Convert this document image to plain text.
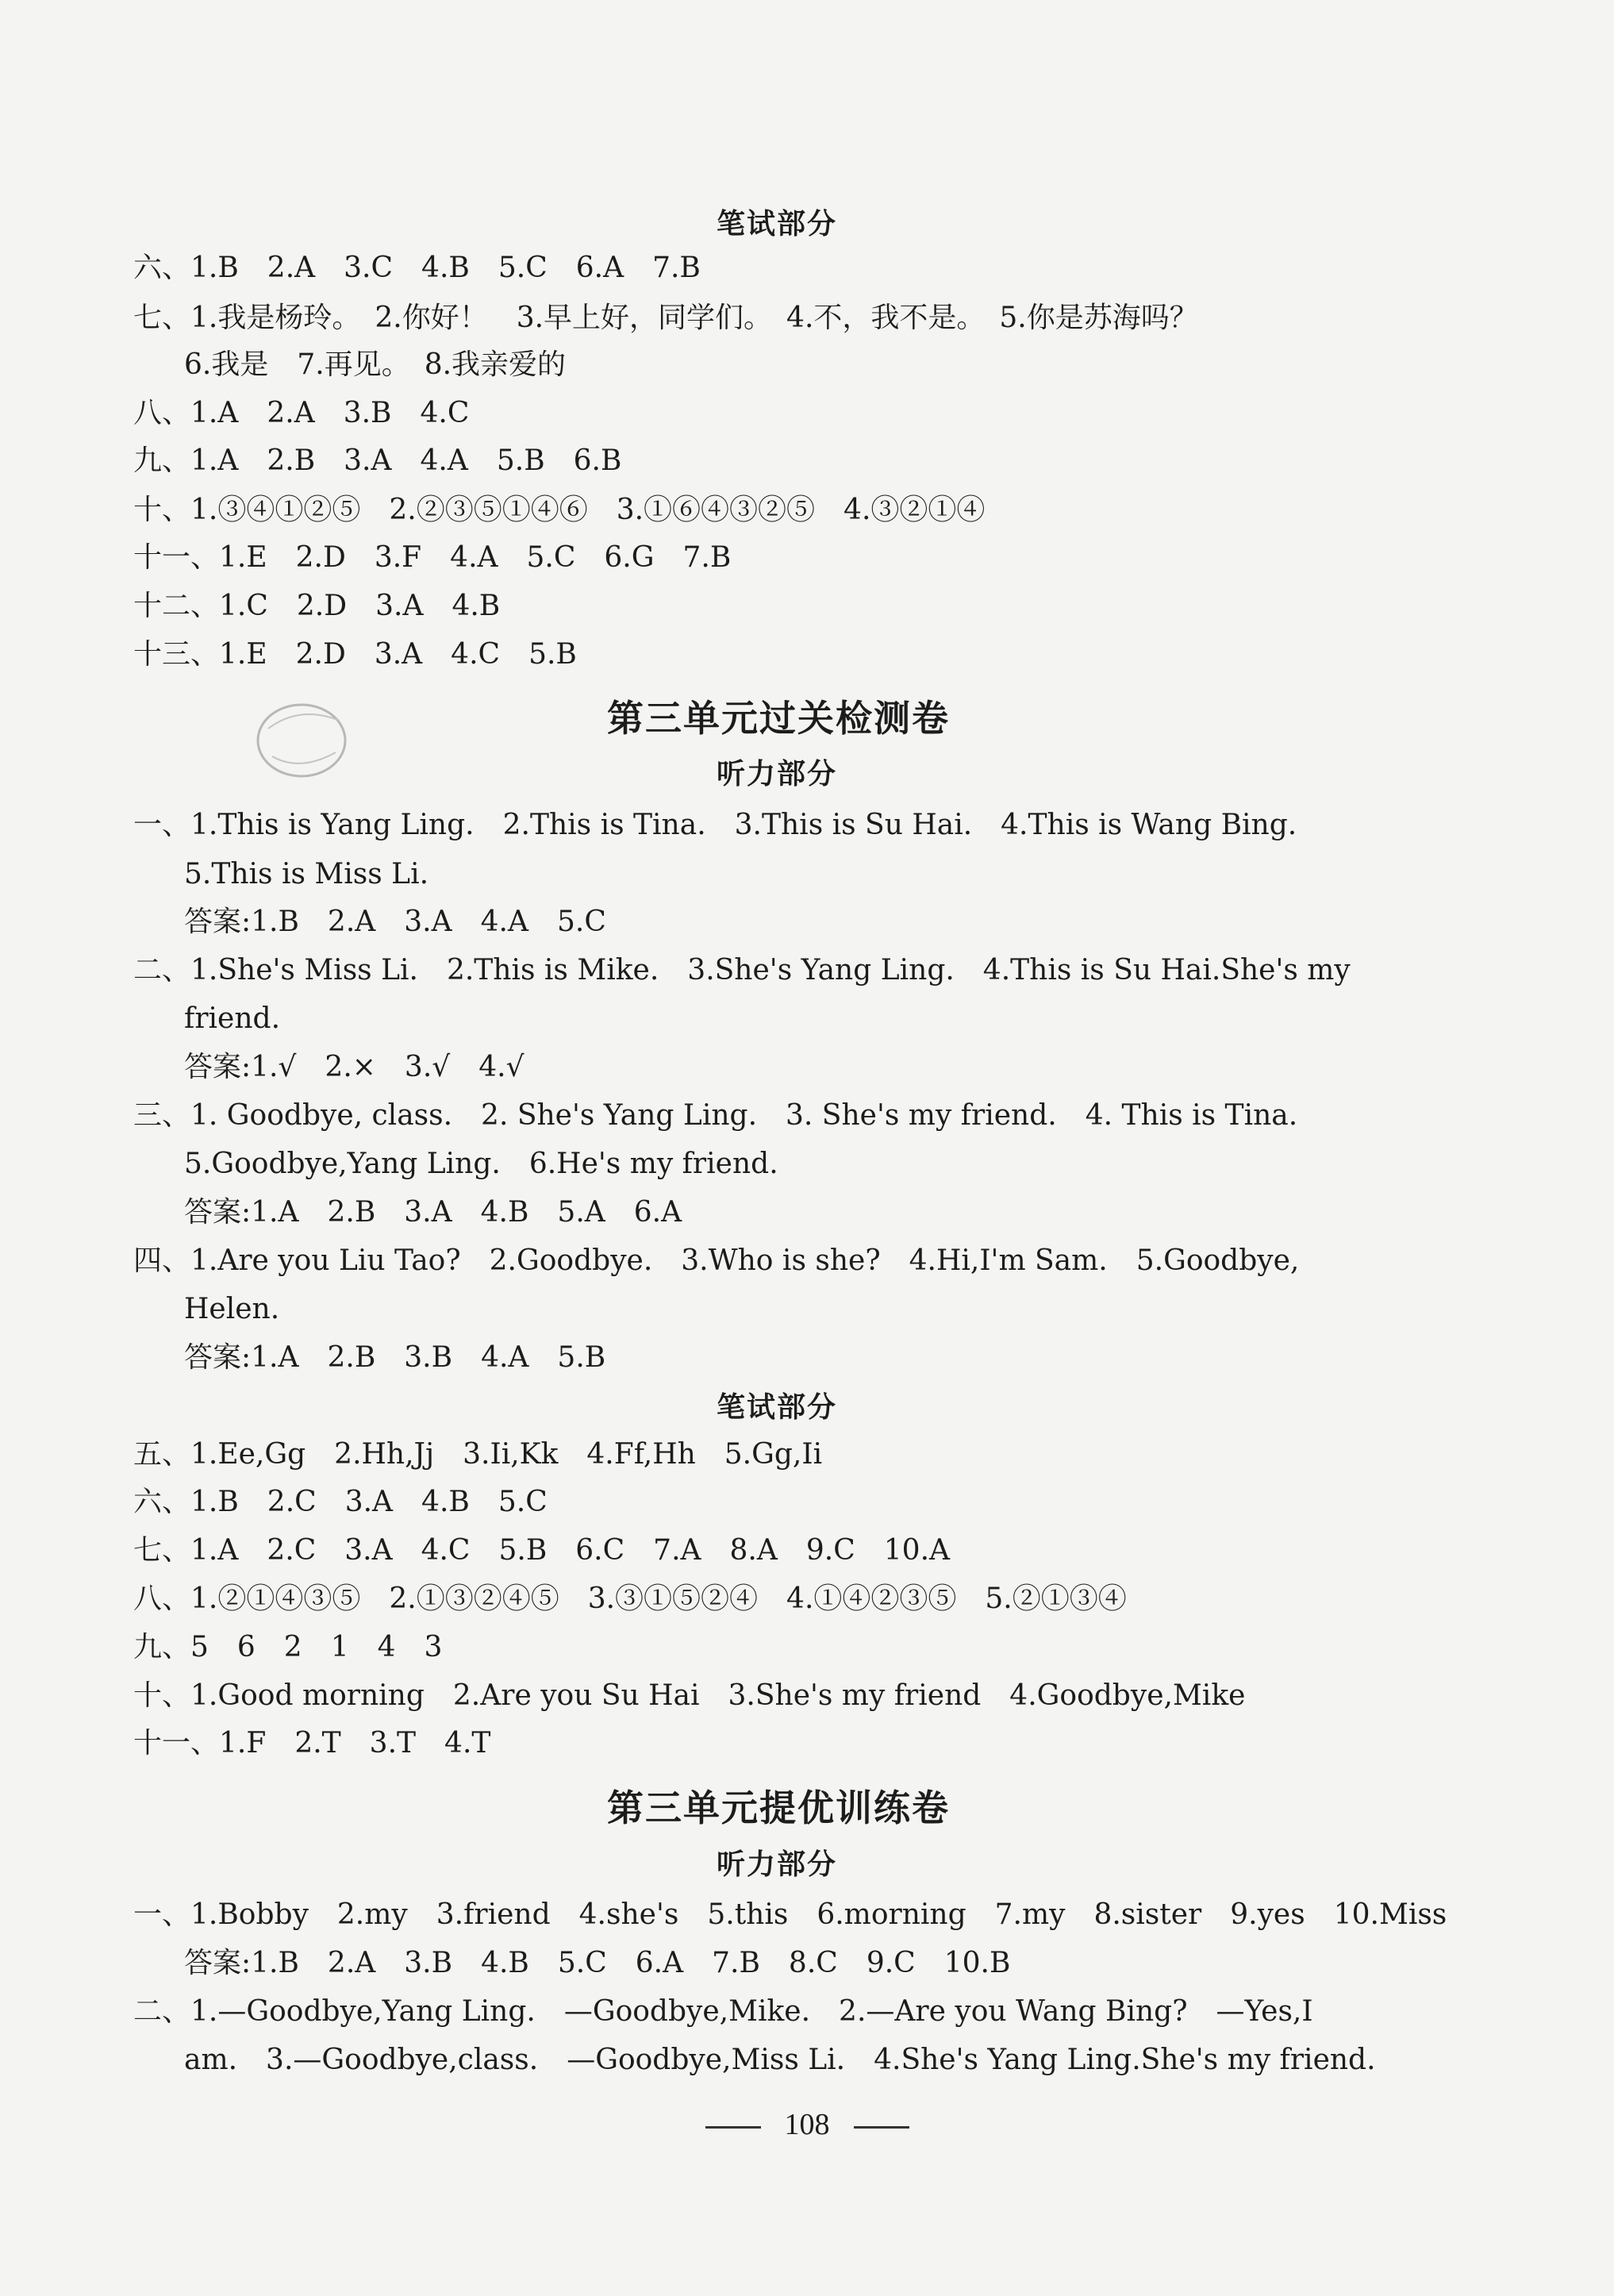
笔试部分
六、1.B　2.A　3.C　4.B　5.C　6.A　7.B
七、1.我是杨玲。　2.你好！　3.早上好，同学们。　4.不，我不是。　5.你是苏海吗？
6.我是　7.再见。　8.我亲爱的
八、1.A　2.A　3.B　4.C
九、1.A　2.B　3.A　4.A　5.B　6.B
十、1.③④①②⑤　2.②③⑤①④⑥　3.①⑥④③②⑤　4.③②①④
十一、1.E　2.D　3.F　4.A　5.C　6.G　7.B
十二、1.C　2.D　3.A　4.B
十三、1.E　2.D　3.A　4.C　5.B
第三单元过关检测卷
听力部分
一、1.This is Yang Ling.　2.This is Tina.　3.This is Su Hai.　4.This is Wang Bing.
5.This is Miss Li.
答案:1.B　2.A　3.A　4.A　5.C
二、1.She's Miss Li.　2.This is Mike.　3.She's Yang Ling.　4.This is Su Hai.She's my
friend.
答案:1.√　2.×　3.√　4.√
三、1. Goodbye, class.　2. She's Yang Ling.　3. She's my friend.　4. This is Tina.
5.Goodbye,Yang Ling.　6.He's my friend.
答案:1.A　2.B　3.A　4.B　5.A　6.A
四、1.Are you Liu Tao?　2.Goodbye.　3.Who is she?　4.Hi,I'm Sam.　5.Goodbye,
Helen.
答案:1.A　2.B　3.B　4.A　5.B
笔试部分
五、1.Ee,Gg　2.Hh,Jj　3.Ii,Kk　4.Ff,Hh　5.Gg,Ii
六、1.B　2.C　3.A　4.B　5.C
七、1.A　2.C　3.A　4.C　5.B　6.C　7.A　8.A　9.C　10.A
八、1.②①④③⑤　2.①③②④⑤　3.③①⑤②④　4.①④②③⑤　5.②①③④
九、5　6　2　1　4　3
十、1.Good morning　2.Are you Su Hai　3.She's my friend　4.Goodbye,Mike
十一、1.F　2.T　3.T　4.T
第三单元提优训练卷
听力部分
一、1.Bobby　2.my　3.friend　4.she's　5.this　6.morning　7.my　8.sister　9.yes　10.Miss
答案:1.B　2.A　3.B　4.B　5.C　6.A　7.B　8.C　9.C　10.B
二、1.—Goodbye,Yang Ling.　—Goodbye,Mike.　2.—Are you Wang Bing?　—Yes,I
am.　3.—Goodbye,class.　—Goodbye,Miss Li.　4.She's Yang Ling.She's my friend.
108
